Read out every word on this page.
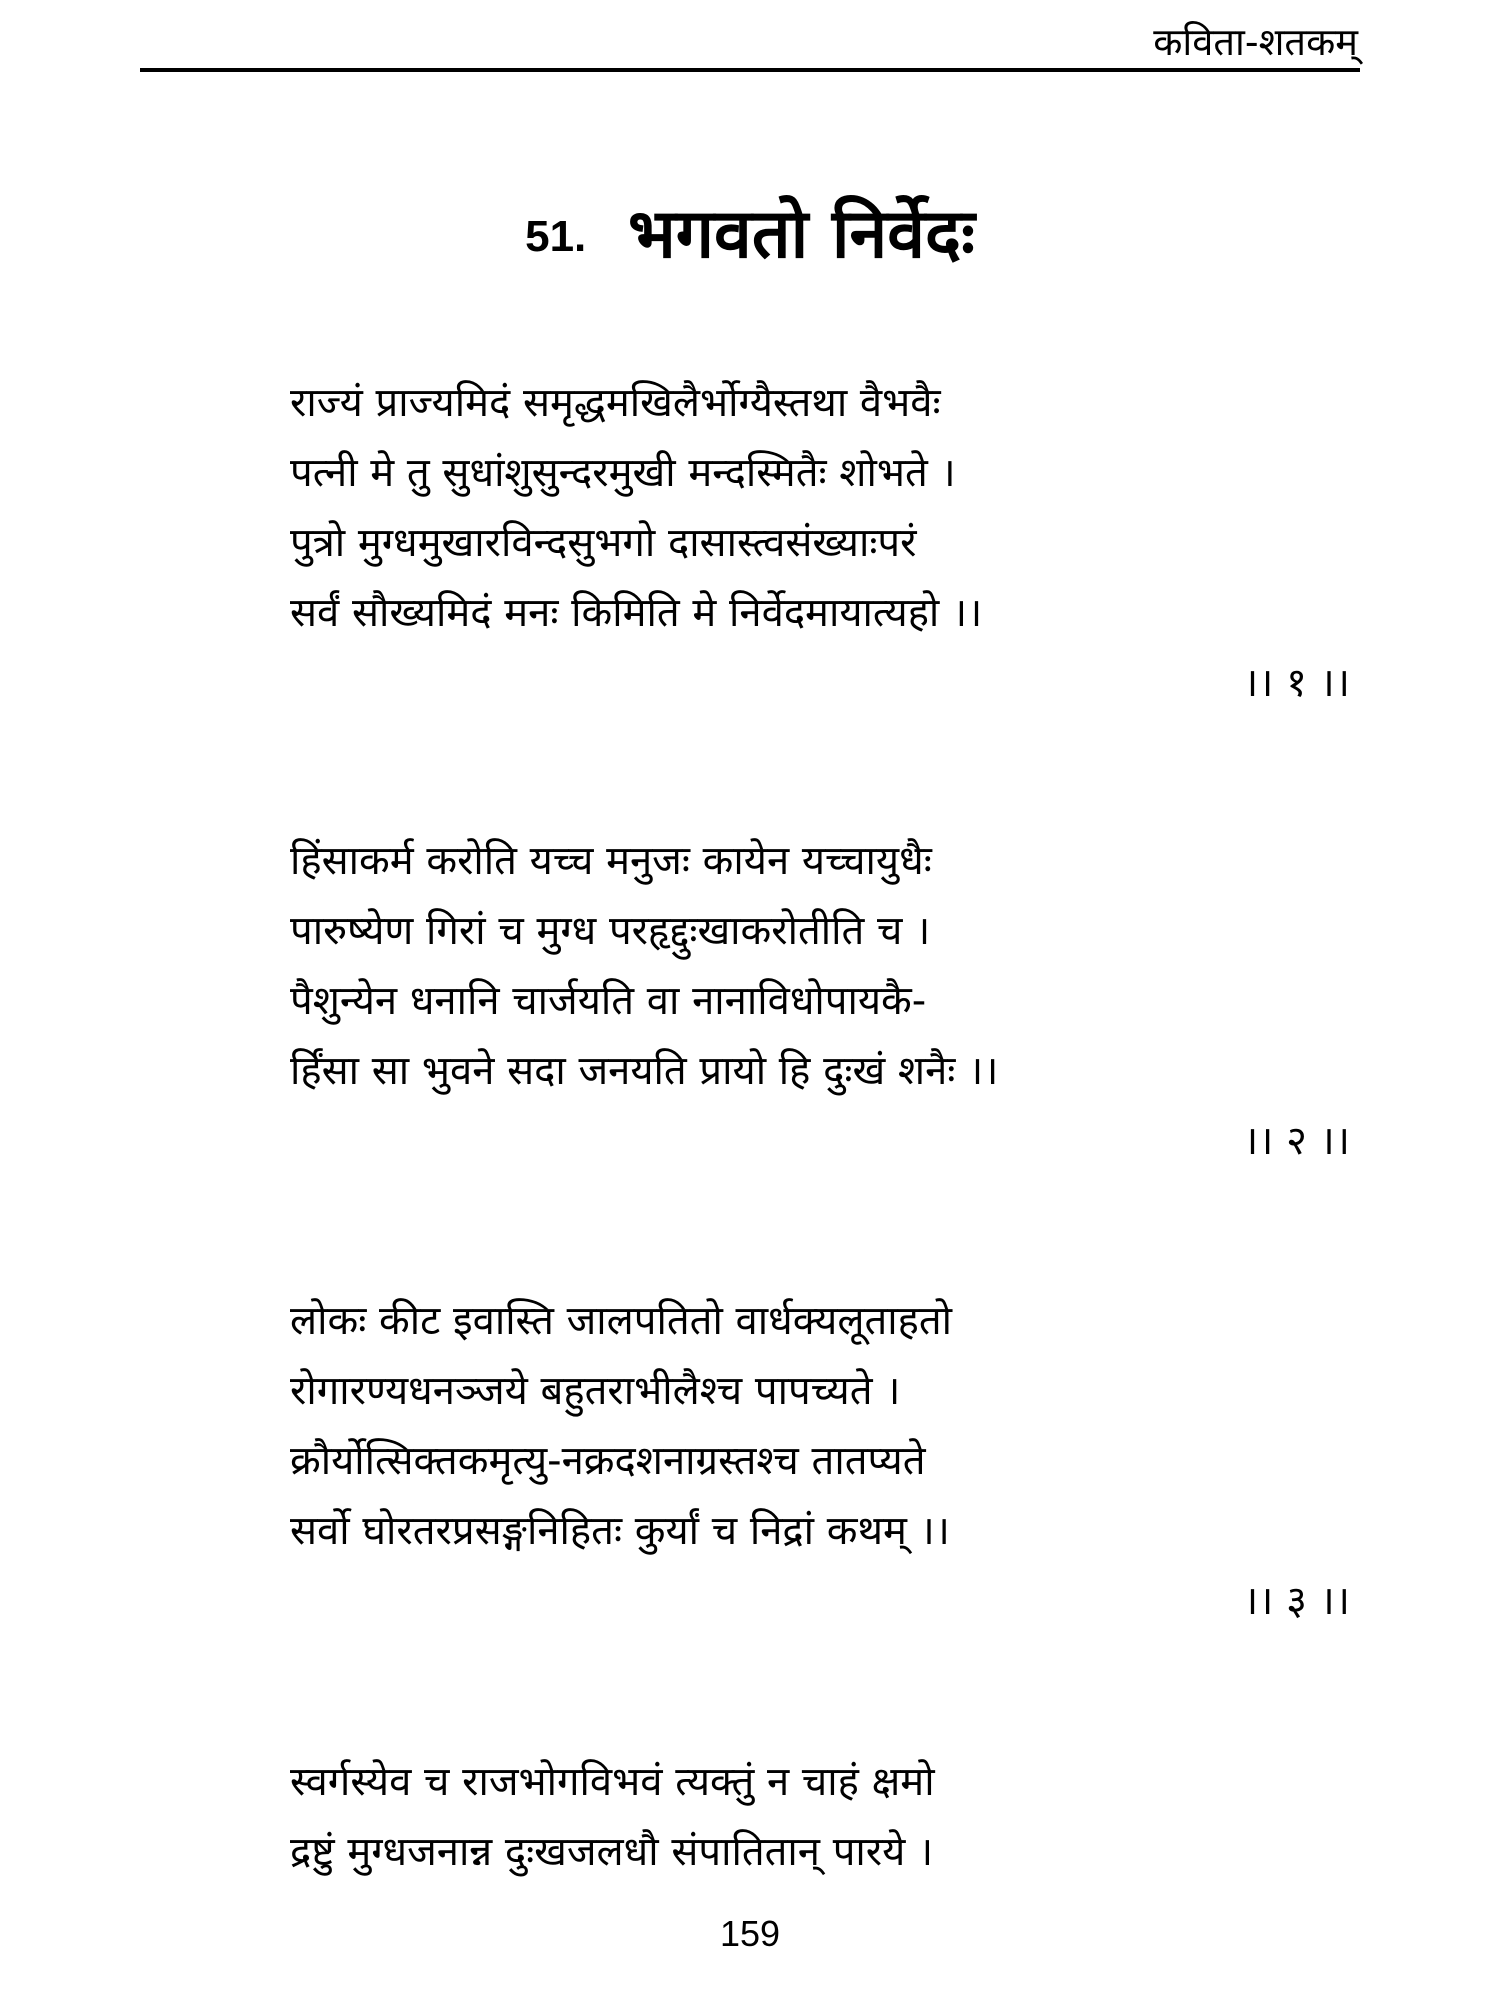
कविता-शतकम्
51. भगवतो निर्वेदः
राज्यं प्राज्यमिदं समृद्धमखिलैर्भोग्यैस्तथा वैभवैः
पत्नी मे तु सुधांशुसुन्दरमुखी मन्दस्मितैः शोभते ।
पुत्रो मुग्धमुखारविन्दसुभगो दासास्त्वसंख्याःपरं
सर्वं सौख्यमिदं मनः किमिति मे निर्वेदमायात्यहो ।।
।। १ ।।
हिंसाकर्म करोति यच्च मनुजः कायेन यच्चायुधैः
पारुष्येण गिरां च मुग्ध परहृद्दुःखाकरोतीति च ।
पैशुन्येन धनानि चार्जयति वा नानाविधोपायकै-
र्हिंसा सा भुवने सदा जनयति प्रायो हि दुःखं शनैः ।।
।। २ ।।
लोकः कीट इवास्ति जालपतितो वार्धक्यलूताहतो
रोगारण्यधनञ्जये बहुतराभीलैश्च पापच्यते ।
क्रौर्योत्सिक्तकमृत्यु-नक्रदशनाग्रस्तश्च तातप्यते
सर्वो घोरतरप्रसङ्गनिहितः कुर्यां च निद्रां कथम् ।।
।। ३ ।।
स्वर्गस्येव च राजभोगविभवं त्यक्तुं न चाहं क्षमो
द्रष्टुं मुग्धजनान्न दुःखजलधौ संपातितान् पारये ।
159
